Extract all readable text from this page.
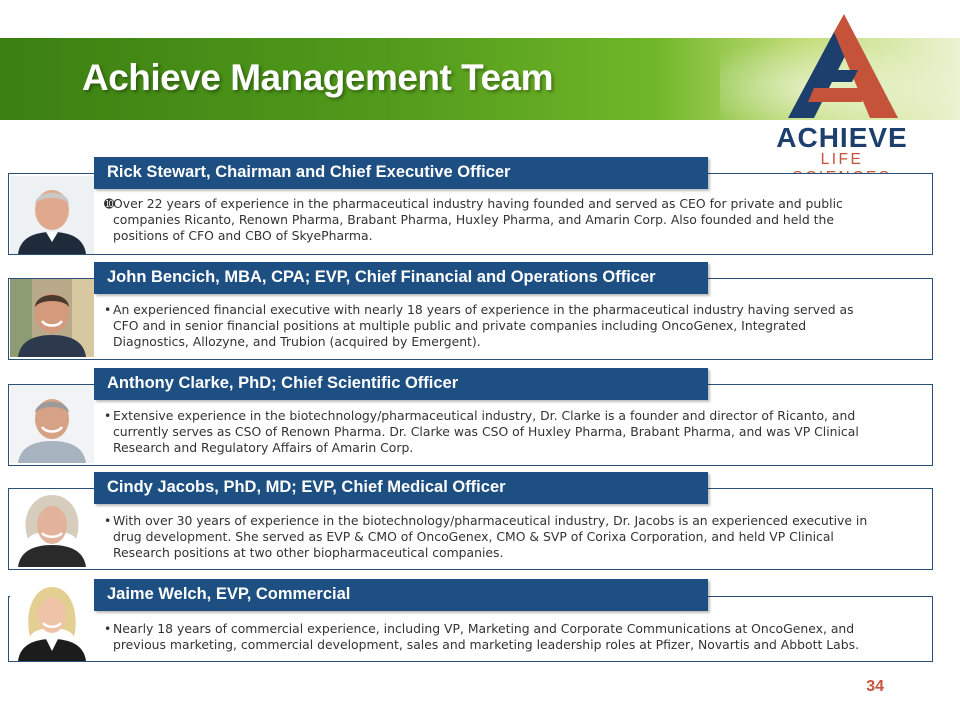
Achieve Management Team
ACHIEVE
LIFE
Rick Stewart, Chairman and Chief Executive Officer
➓
Over 22 years of experience in the pharmaceutical industry having founded and served as CEO for private and public companies Ricanto, Renown Pharma, Brabant Pharma, Huxley Pharma, and Amarin Corp. Also founded and held the positions of CFO and CBO of SkyePharma.
John Bencich, MBA, CPA; EVP, Chief Financial and Operations Officer
• An experienced financial executive with nearly 18 years of experience in the pharmaceutical industry having served as CFO and in senior financial positions at multiple public and private companies including OncoGenex, Integrated Diagnostics, Allozyne, and Trubion (acquired by Emergent).
Anthony Clarke, PhD; Chief Scientific Officer
• Extensive experience in the biotechnology/pharmaceutical industry, Dr. Clarke is a founder and director of Ricanto, and currently serves as CSO of Renown Pharma. Dr. Clarke was CSO of Huxley Pharma, Brabant Pharma, and was VP Clinical Research and Regulatory Affairs of Amarin Corp.
Cindy Jacobs, PhD, MD; EVP, Chief Medical Officer
• With over 30 years of experience in the biotechnology/pharmaceutical industry, Dr. Jacobs is an experienced executive in drug development. She served as EVP & CMO of OncoGenex, CMO & SVP of Corixa Corporation, and held VP Clinical Research positions at two other biopharmaceutical companies.
Jaime Welch, EVP, Commercial
• Nearly 18 years of commercial experience, including VP, Marketing and Corporate Communications at OncoGenex, and previous marketing, commercial development, sales and marketing leadership roles at Pfizer, Novartis and Abbott Labs.
34
